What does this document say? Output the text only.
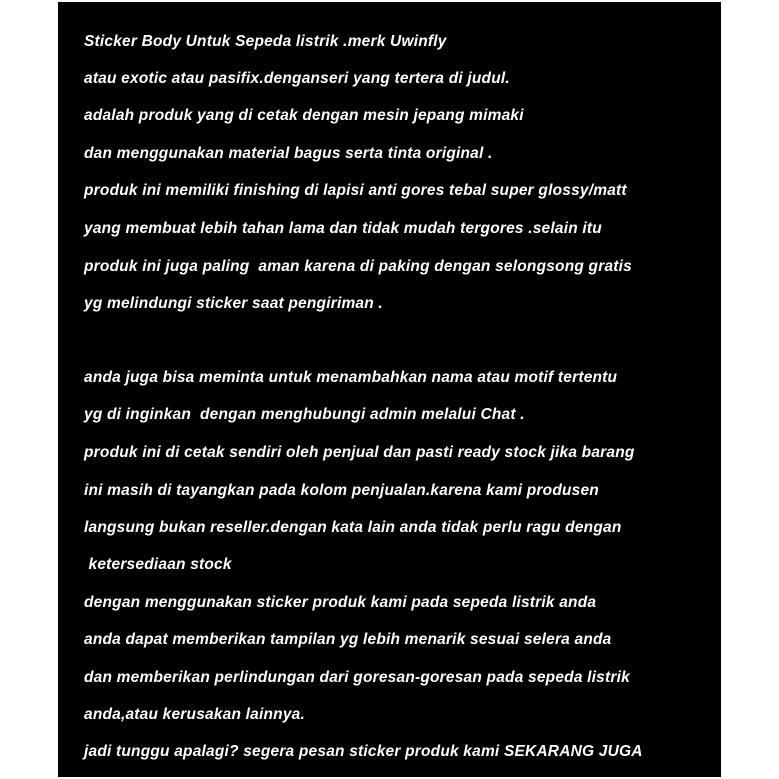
Sticker Body Untuk Sepeda listrik .merk Uwinfly
atau exotic atau pasifix.denganseri yang tertera di judul.
adalah produk yang di cetak dengan mesin jepang mimaki
dan menggunakan material bagus serta tinta original .
produk ini memiliki finishing di lapisi anti gores tebal super glossy/matt
yang membuat lebih tahan lama dan tidak mudah tergores .selain itu
produk ini juga paling  aman karena di paking dengan selongsong gratis
yg melindungi sticker saat pengiriman .
anda juga bisa meminta untuk menambahkan nama atau motif tertentu
yg di inginkan  dengan menghubungi admin melalui Chat .
produk ini di cetak sendiri oleh penjual dan pasti ready stock jika barang
ini masih di tayangkan pada kolom penjualan.karena kami produsen
langsung bukan reseller.dengan kata lain anda tidak perlu ragu dengan
ketersediaan stock
dengan menggunakan sticker produk kami pada sepeda listrik anda
anda dapat memberikan tampilan yg lebih menarik sesuai selera anda
dan memberikan perlindungan dari goresan-goresan pada sepeda listrik
anda,atau kerusakan lainnya.
jadi tunggu apalagi? segera pesan sticker produk kami SEKARANG JUGA
